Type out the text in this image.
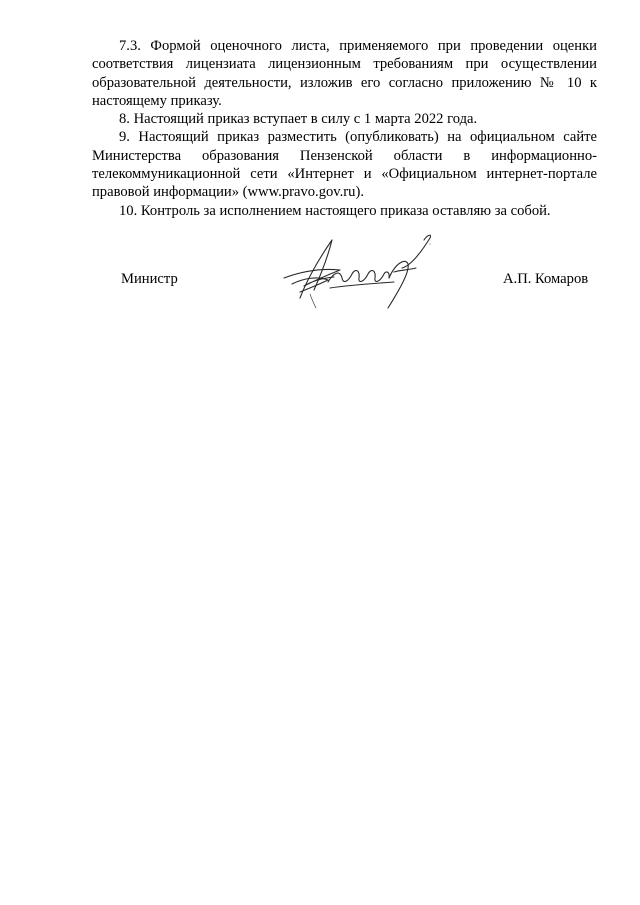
7.3. Формой оценочного листа, применяемого при проведении оценки соответствия лицензиата лицензионным требованиям при осуществлении образовательной деятельности, изложив его согласно приложению № 10 к настоящему приказу.

8. Настоящий приказ вступает в силу с 1 марта 2022 года.

9. Настоящий приказ разместить (опубликовать) на официальном сайте Министерства образования Пензенской области в информационно-телекоммуникационной сети «Интернет и «Официальном интернет-портале правовой информации» (www.pravo.gov.ru).

10. Контроль за исполнением настоящего приказа оставляю за собой.

Министр	А.П. Комаров
